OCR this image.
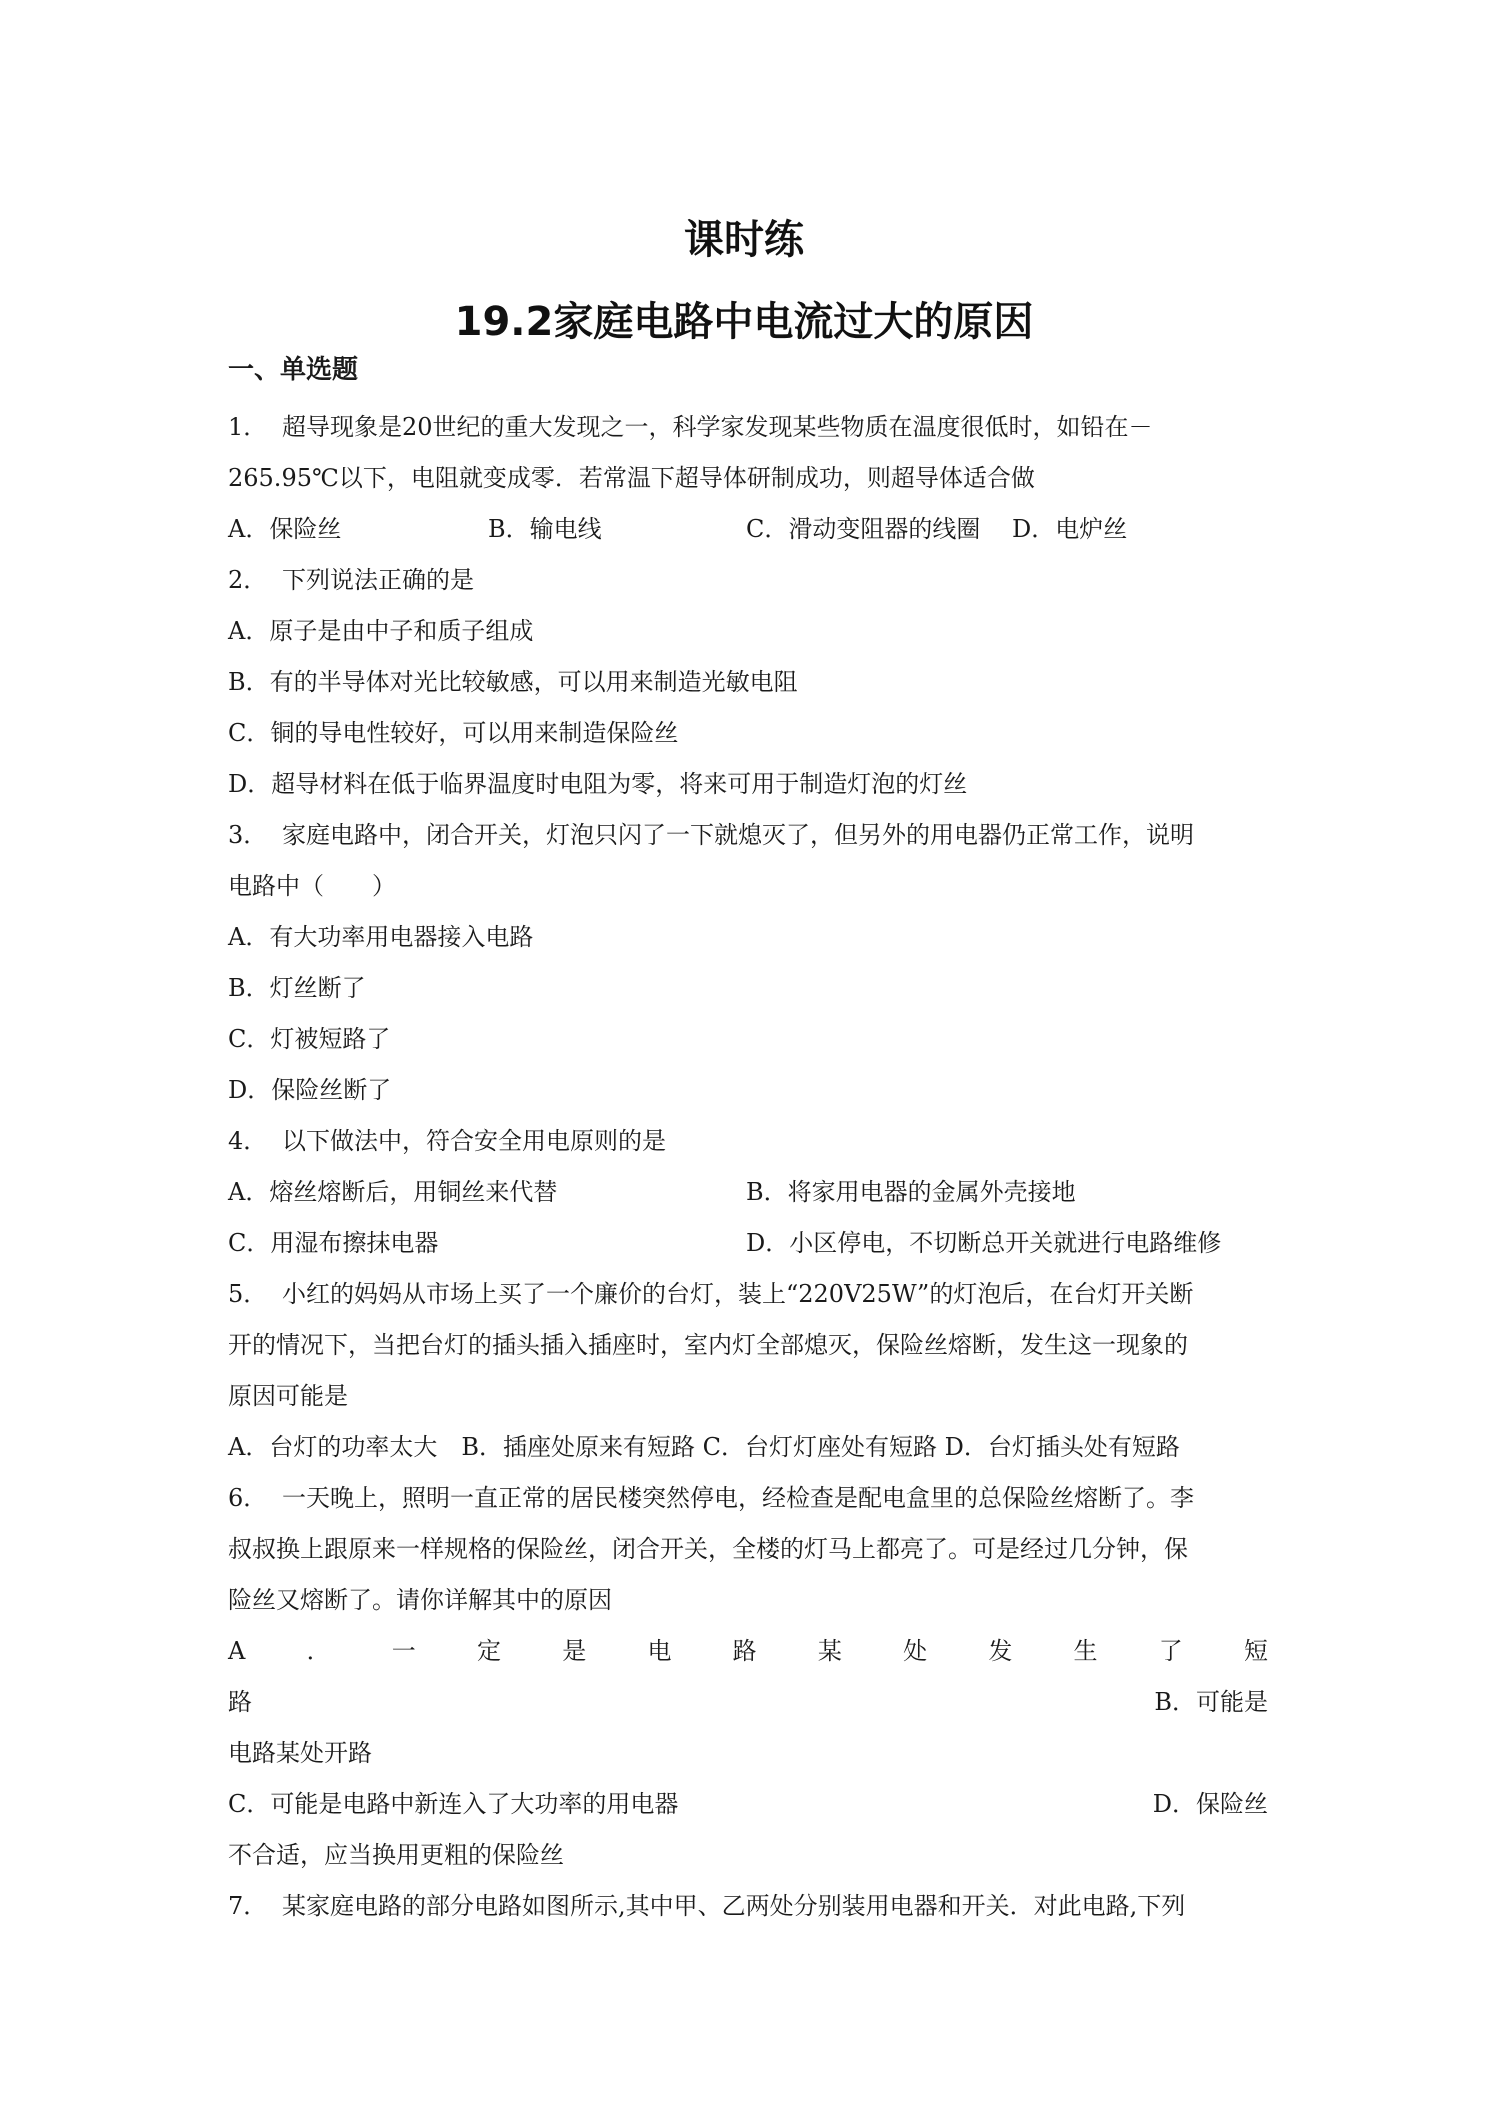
课时练
19.2家庭电路中电流过大的原因
一、单选题
1． 超导现象是20世纪的重大发现之一，科学家发现某些物质在温度很低时，如铅在－
265.95℃以下，电阻就变成零．若常温下超导体研制成功，则超导体适合做
A．保险丝	B．输电线	C．滑动变阻器的线圈 D．电炉丝
2． 下列说法正确的是
A．原子是由中子和质子组成
B．有的半导体对光比较敏感，可以用来制造光敏电阻
C．铜的导电性较好，可以用来制造保险丝
D．超导材料在低于临界温度时电阻为零，将来可用于制造灯泡的灯丝
3． 家庭电路中，闭合开关，灯泡只闪了一下就熄灭了，但另外的用电器仍正常工作，说明
电路中（　　）
A．有大功率用电器接入电路
B．灯丝断了
C．灯被短路了
D．保险丝断了
4． 以下做法中，符合安全用电原则的是
A．熔丝熔断后，用铜丝来代替	B．将家用电器的金属外壳接地
C．用湿布擦抹电器	D．小区停电，不切断总开关就进行电路维修
5． 小红的妈妈从市场上买了一个廉价的台灯，装上“220V25W”的灯泡后，在台灯开关断
开的情况下，当把台灯的插头插入插座时，室内灯全部熄灭，保险丝熔断，发生这一现象的
原因可能是
A．台灯的功率太大　B．插座处原来有短路 C．台灯灯座处有短路 D．台灯插头处有短路
6． 一天晚上，照明一直正常的居民楼突然停电，经检查是配电盒里的总保险丝熔断了。李
叔叔换上跟原来一样规格的保险丝，闭合开关，全楼的灯马上都亮了。可是经过几分钟，保
险丝又熔断了。请你详解其中的原因
A	．	一	定	是	电	路	某	处	发	生	了	短
路	B．可能是
电路某处开路
C．可能是电路中新连入了大功率的用电器	D．保险丝
不合适，应当换用更粗的保险丝
7． 某家庭电路的部分电路如图所示,其中甲、乙两处分别装用电器和开关．对此电路,下列
